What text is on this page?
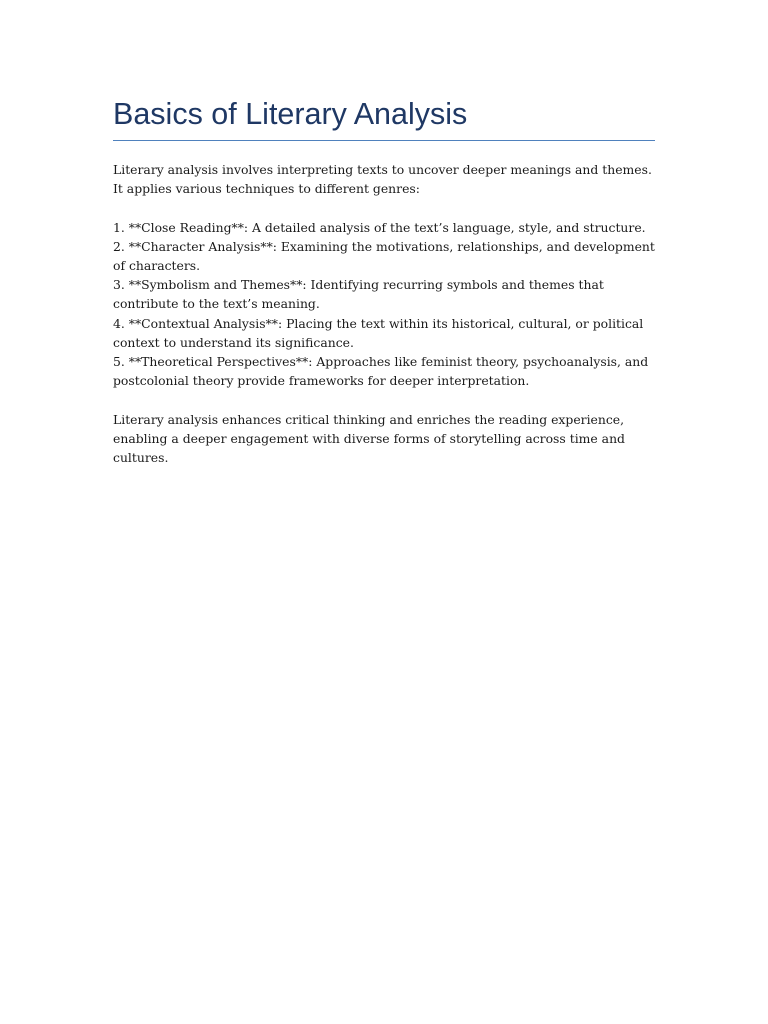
Basics of Literary Analysis

Literary analysis involves interpreting texts to uncover deeper meanings and themes. It applies various techniques to different genres:

1. **Close Reading**: A detailed analysis of the text’s language, style, and structure.
2. **Character Analysis**: Examining the motivations, relationships, and development of characters.
3. **Symbolism and Themes**: Identifying recurring symbols and themes that contribute to the text’s meaning.
4. **Contextual Analysis**: Placing the text within its historical, cultural, or political context to understand its significance.
5. **Theoretical Perspectives**: Approaches like feminist theory, psychoanalysis, and postcolonial theory provide frameworks for deeper interpretation.

Literary analysis enhances critical thinking and enriches the reading experience, enabling a deeper engagement with diverse forms of storytelling across time and cultures.
